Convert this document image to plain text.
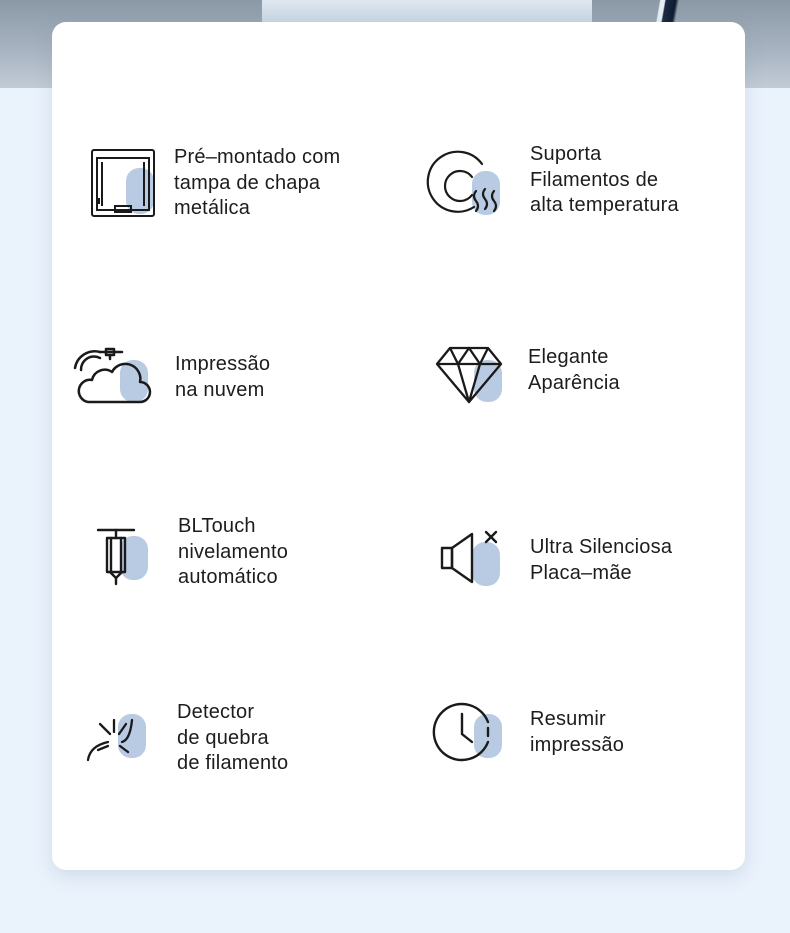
Pré–montado com
tampa de chapa
metálica
Suporta
Filamentos de
alta temperatura
Impressão
na nuvem
Elegante
Aparência
BLTouch
nivelamento
automático
Ultra Silenciosa
Placa–mãe
Detector
de quebra
de filamento
Resumir
impressão
